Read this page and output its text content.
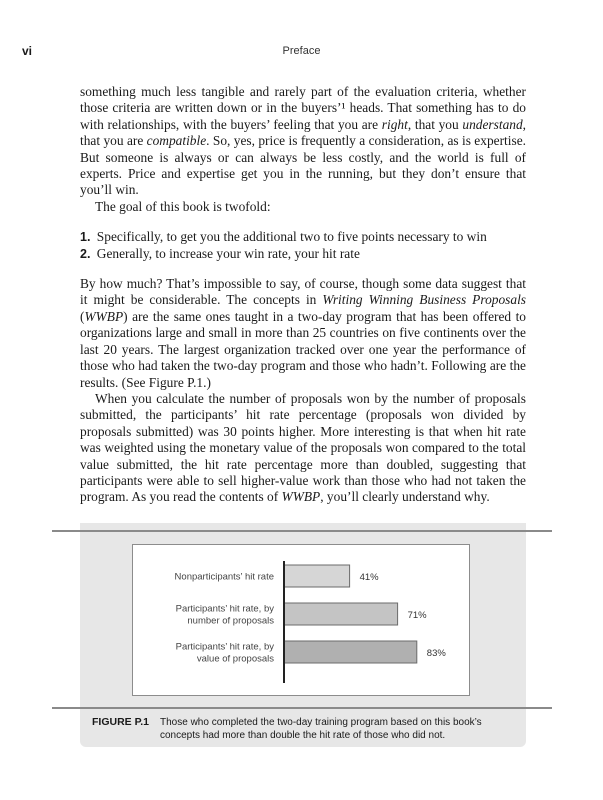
vi	Preface

something much less tangible and rarely part of the evaluation criteria, whether those criteria are written down or in the buyers’¹ heads. That something has to do with relationships, with the buyers’ feeling that you are right, that you understand, that you are compatible. So, yes, price is frequently a consideration, as is expertise. But someone is always or can always be less costly, and the world is full of experts. Price and expertise get you in the running, but they don’t ensure that you’ll win.

The goal of this book is twofold:

1. Specifically, to get you the additional two to five points necessary to win
2. Generally, to increase your win rate, your hit rate

By how much? That’s impossible to say, of course, though some data suggest that it might be considerable. The concepts in Writing Winning Business Proposals (WWBP) are the same ones taught in a two-day program that has been offered to organizations large and small in more than 25 countries on five continents over the last 20 years. The largest organization tracked over one year the performance of those who had taken the two-day program and those who hadn’t. Following are the results. (See Figure P.1.)

When you calculate the number of proposals won by the number of proposals submitted, the participants’ hit rate percentage (proposals won divided by proposals submitted) was 30 points higher. More interesting is that when hit rate was weighted using the monetary value of the proposals won compared to the total value submitted, the hit rate percentage more than doubled, suggesting that participants were able to sell higher-value work than those who had not taken the program. As you read the contents of WWBP, you’ll clearly understand why.

41%
Nonparticipants’ hit rate
71%
Participants’ hit rate, by
number of proposals
83%
Participants’ hit rate, by
value of proposals
FIGURE P.1 Those who completed the two-day training program based on this book’s concepts had more than double the hit rate of those who did not.
